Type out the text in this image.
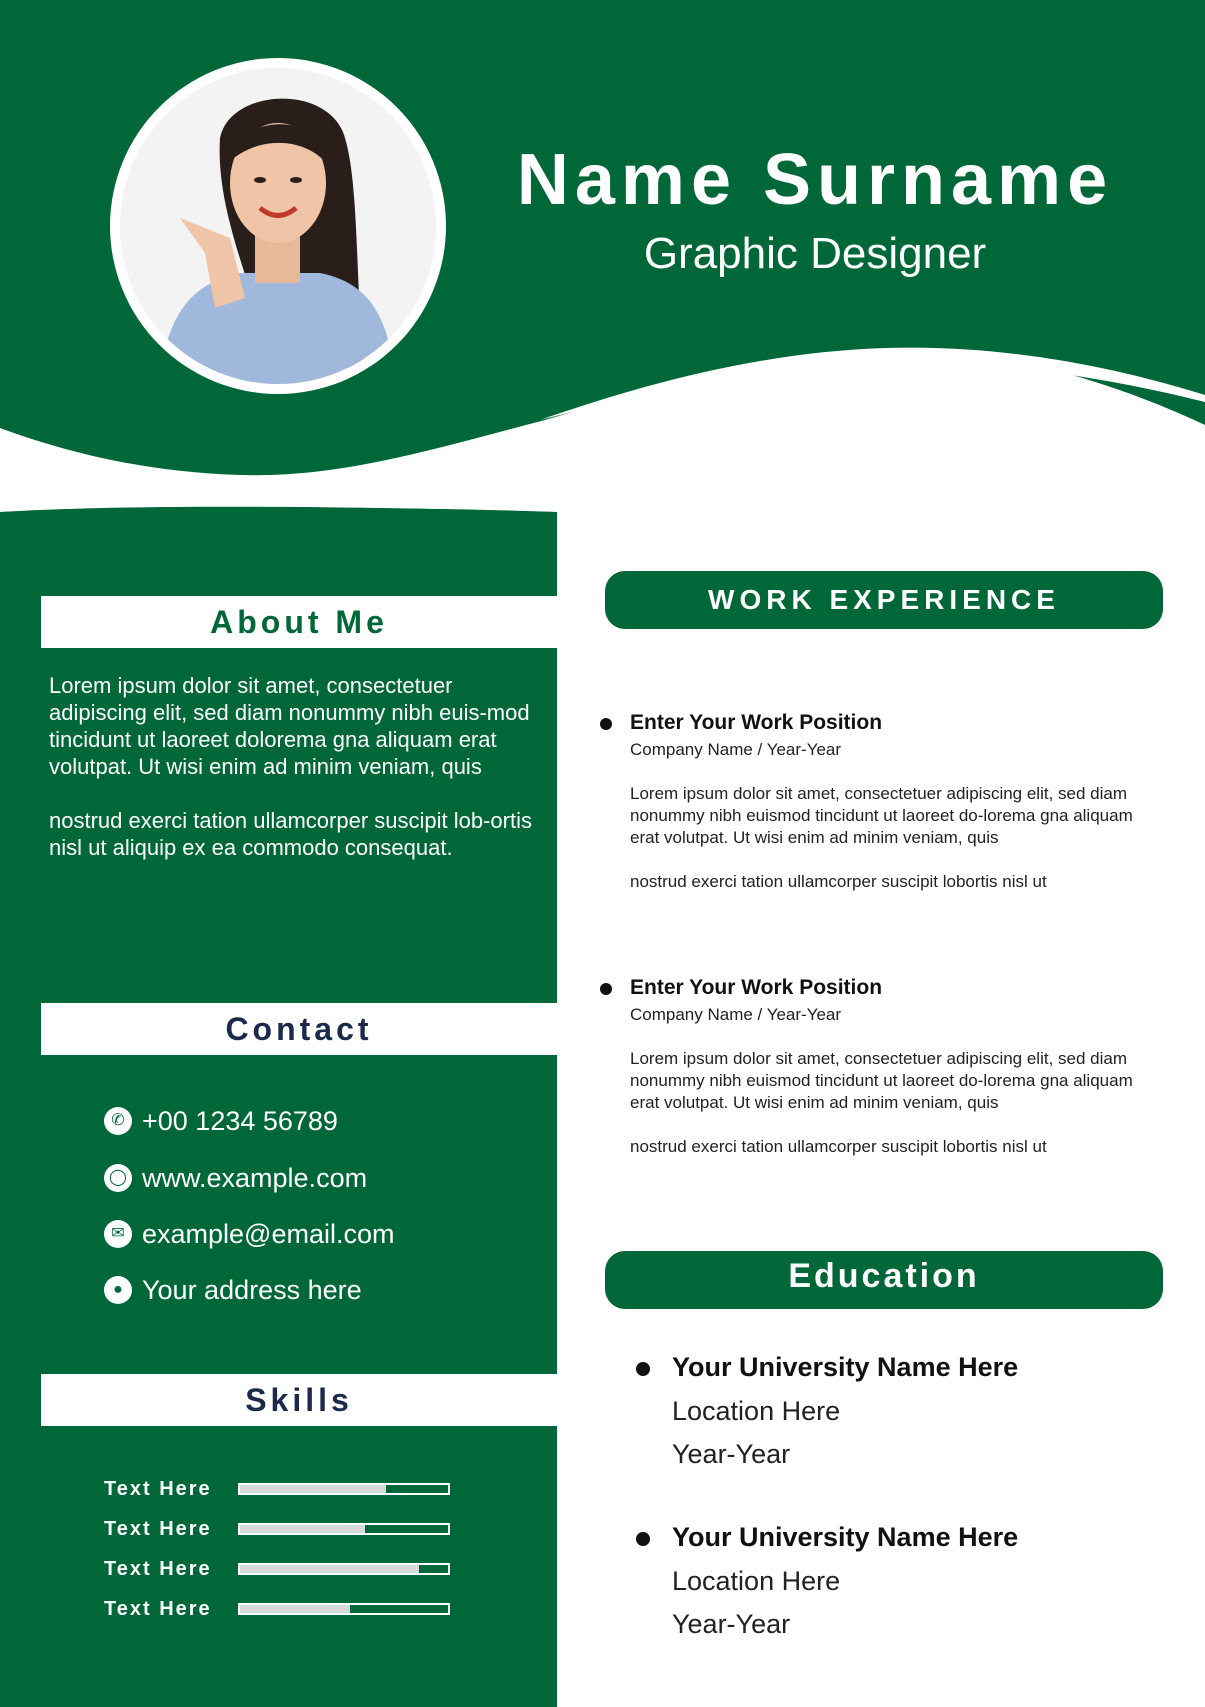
Name Surname
Graphic Designer
About Me

Lorem ipsum dolor sit amet, consectetuer adipiscing elit, sed diam nonummy nibh euis-mod tincidunt ut laoreet dolorema gna aliquam erat volutpat. Ut wisi enim ad minim veniam, quis

nostrud exerci tation ullamcorper suscipit lob-ortis nisl ut aliquip ex ea commodo consequat.

Contact
✆ +00 1234 56789
◯ www.example.com
✉ example@email.com
● Your address here
Skills
Text Here
Text Here
Text Here
Text Here
WORK EXPERIENCE
Enter Your Work Position
Company Name / Year-Year

Lorem ipsum dolor sit amet, consectetuer adipiscing elit, sed diam nonummy nibh euismod tincidunt ut laoreet do-lorema gna aliquam erat volutpat. Ut wisi enim ad minim veniam, quis

nostrud exerci tation ullamcorper suscipit lobortis nisl ut

Enter Your Work Position
Company Name / Year-Year

Lorem ipsum dolor sit amet, consectetuer adipiscing elit, sed diam nonummy nibh euismod tincidunt ut laoreet do-lorema gna aliquam erat volutpat. Ut wisi enim ad minim veniam, quis

nostrud exerci tation ullamcorper suscipit lobortis nisl ut

Education
Your University Name Here
Location Here
Year-Year
Your University Name Here
Location Here
Year-Year
